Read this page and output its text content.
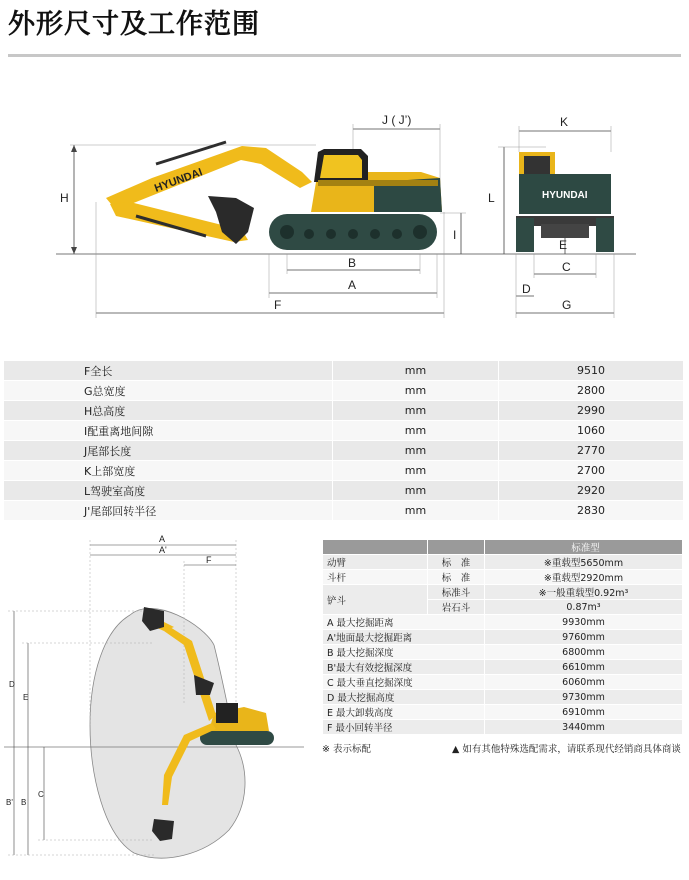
外形尺寸及工作范围
H
J ( J’)
I
HYUNDAI
B
A
F
K
L	HYUNDAI
E
C
D
G
F全长	mm	9510
G总宽度	mm	2800
H总高度	mm	2990
I配重离地间隙	mm	1060
J尾部长度	mm	2770
K上部宽度	mm	2700
L驾驶室高度	mm	2920
J'尾部回转半径	mm	2830
A
A'
F
D
E
B' B
C
		标准型
动臂	标　准	※重载型5650mm
斗杆	标　准	※重载型2920mm
铲斗	标准斗	※一般重载型0.92m³
	岩石斗	0.87m³
A 最大挖掘距离		9930mm
A'地面最大挖掘距离		9760mm
B 最大挖掘深度		6800mm
B'最大有效挖掘深度		6610mm
C 最大垂直挖掘深度		6060mm
D 最大挖掘高度		9730mm
E 最大卸载高度		6910mm
F 最小回转半径		3440mm
※ 表示标配	▲ 如有其他特殊选配需求，请联系现代经销商具体商谈
